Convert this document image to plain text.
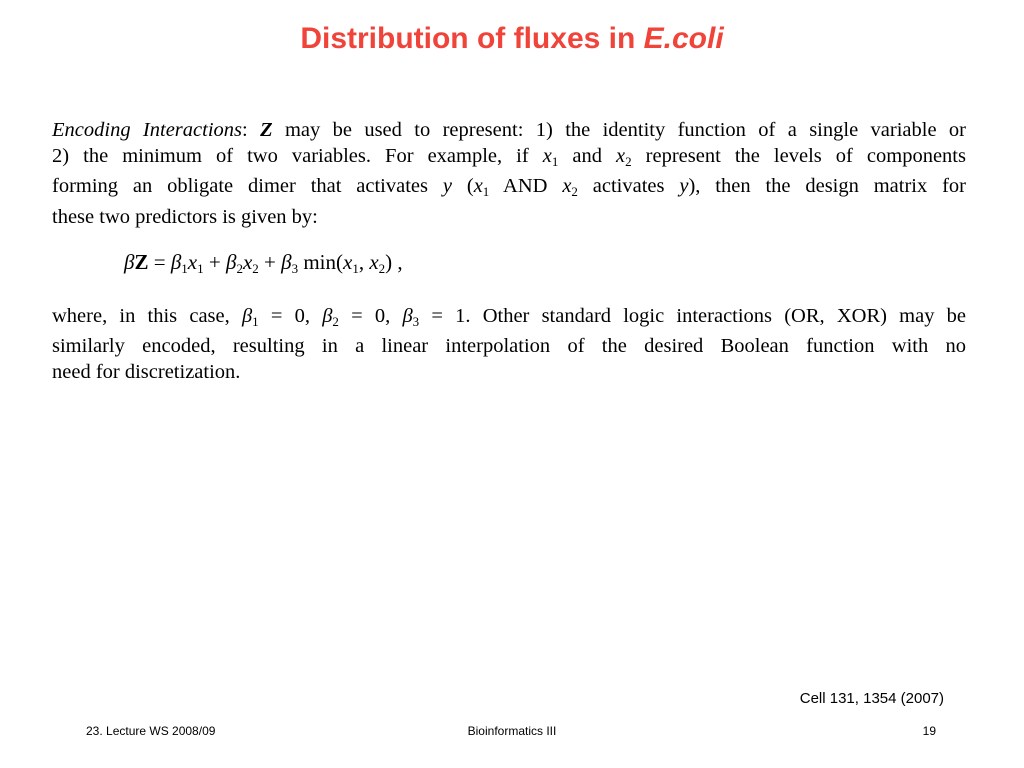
Distribution of fluxes in E.coli
Encoding Interactions: Z may be used to represent: 1) the identity function of a single variable or
2) the minimum of two variables. For example, if $x_1$ and $x_2$ represent the levels of components
forming an obligate dimer that activates y ($x_1$ AND $x_2$ activates y), then the design matrix for
these two predictors is given by:
$\beta Z = \beta_1x_1 + \beta_2x_2 + \beta_3$ $\min(x_1$, $x_2$) ,
where, in this case, $\beta_1 = 0$, $\beta_2 = 0$, $\beta_3 = 1$. Other standard logic interactions (OR, XOR) may be
similarly encoded, resulting in a linear interpolation of the desired Boolean function with no
need for discretization.
Cell 131, 1354 (2007)
23. Lecture WS 2008/09	Bioinformatics III	19
